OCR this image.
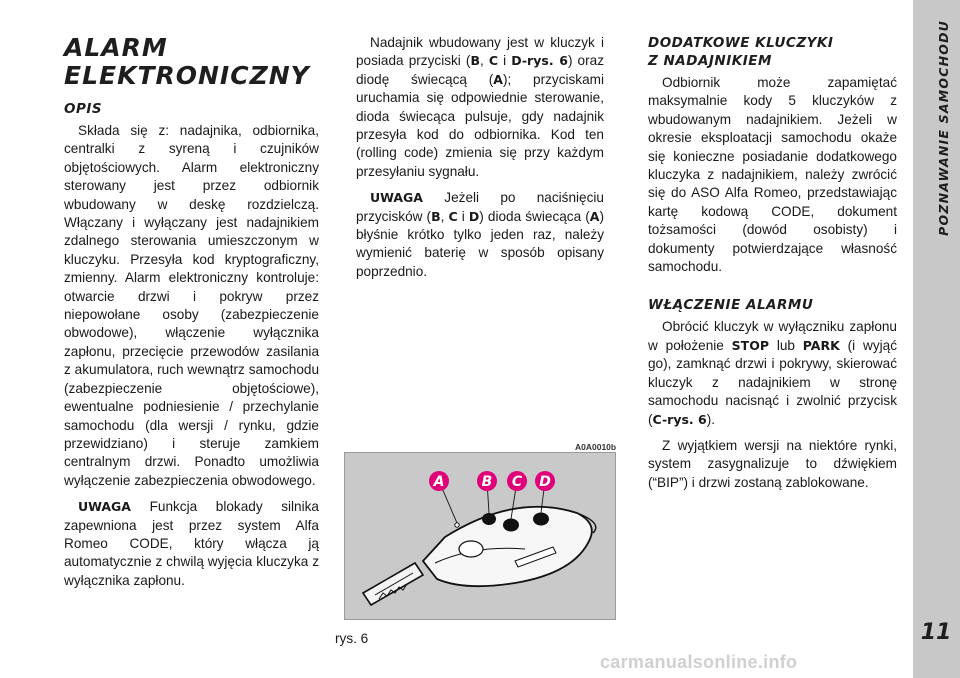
ALARM
ELEKTRONICZNY
OPIS

Składa się z: nadajnika, odbiornika, centralki z syreną i czujników objętościowych. Alarm elektroniczny sterowany jest przez odbiornik wbudowany w deskę rozdzielczą. Włączany i wyłączany jest nadajnikiem zdalnego sterowania umieszczonym w kluczyku. Przesyła kod kryptograficzny, zmienny. Alarm elektroniczny kontroluje: otwarcie drzwi i pokryw przez niepowołane osoby (zabezpieczenie obwodowe), włączenie wyłącznika zapłonu, przecięcie przewodów zasilania z akumulatora, ruch wewnątrz samochodu (zabezpieczenie objętościowe), ewentualne podniesienie / przechylanie samochodu (dla wersji / rynku, gdzie przewidziano) i steruje zamkiem centralnym drzwi. Ponadto umożliwia wyłączenie zabezpieczenia obwodowego.

UWAGA Funkcja blokady silnika zapewniona jest przez system Alfa Romeo CODE, który włącza ją automatycznie z chwilą wyjęcia kluczyka z wyłącznika zapłonu.

Nadajnik wbudowany jest w kluczyk i posiada przyciski (B, C i D-rys. 6) oraz diodę świecącą (A); przyciskami uruchamia się odpowiednie sterowanie, dioda świecąca pulsuje, gdy nadajnik przesyła kod do odbiornika. Kod ten (rolling code) zmienia się przy każdym przesyłaniu sygnału.

UWAGA Jeżeli po naciśnięciu przycisków (B, C i D) dioda świecąca (A) błyśnie krótko tylko jeden raz, należy wymienić baterię w sposób opisany poprzednio.

DODATKOWE KLUCZYKI
Z NADAJNIKIEM

Odbiornik może zapamiętać maksymalnie kody 5 kluczyków z wbudowanym nadajnikiem. Jeżeli w okresie eksploatacji samochodu okaże się konieczne posiadanie dodatkowego kluczyka z nadajnikiem, należy zwrócić się do ASO Alfa Romeo, przedstawiając kartę kodową CODE, dokument tożsamości (dowód osobisty) i dokumenty potwierdzające własność samochodu.

WŁĄCZENIE ALARMU

Obrócić kluczyk w wyłączniku zapłonu w położenie STOP lub PARK (i wyjąć go), zamknąć drzwi i pokrywy, skierować kluczyk z nadajnikiem w stronę samochodu nacisnąć i zwolnić przycisk (C-rys. 6).

Z wyjątkiem wersji na niektóre rynki, system zasygnalizuje to dźwiękiem (“BIP”) i drzwi zostaną zablokowane.

A0A0010b
A	B C D
rys. 6
POZNAWANIE SAMOCHODU
11
carmanualsonline.info
